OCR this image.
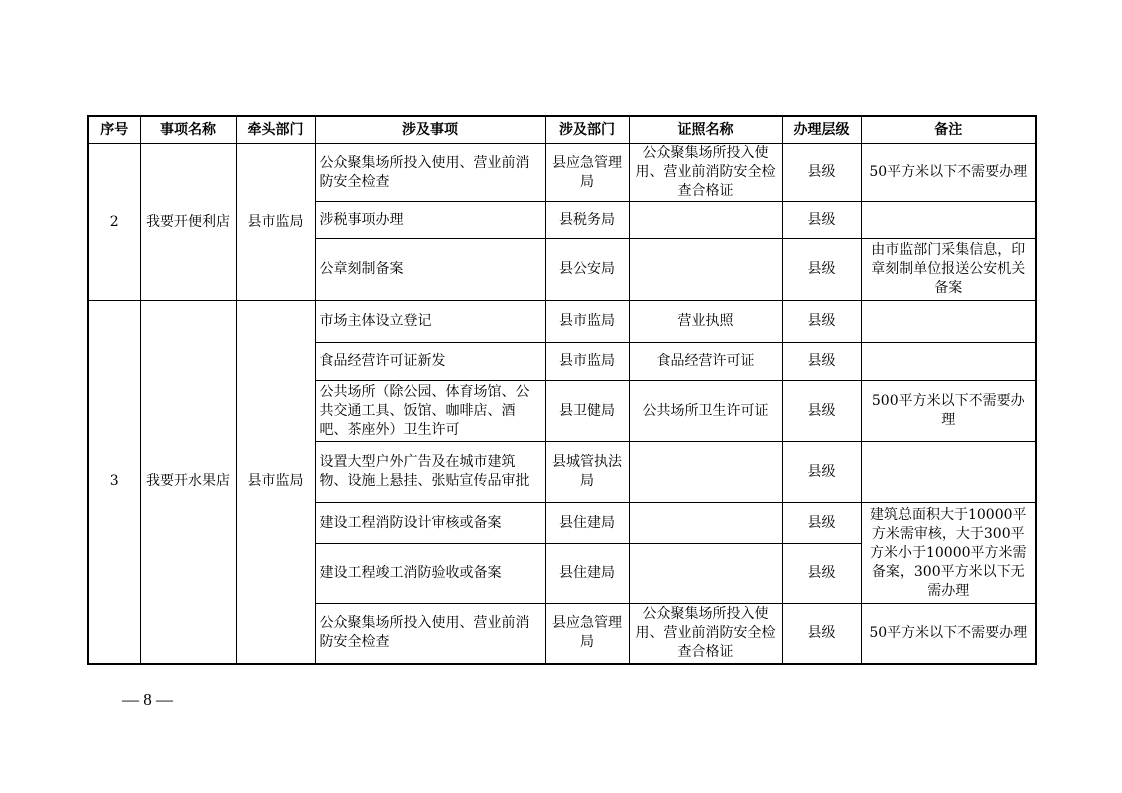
序号	事项名称	牵头部门	涉及事项	涉及部门	证照名称	办理层级	备注
2	我要开便利店	县市监局	公众聚集场所投入使用、营业前消防安全检查	县应急管理局	公众聚集场所投入使用、营业前消防安全检查合格证	县级	50平方米以下不需要办理
			涉税事项办理	县税务局		县级	
			公章刻制备案	县公安局		县级	由市监部门采集信息，印章刻制单位报送公安机关备案
3	我要开水果店	县市监局	市场主体设立登记	县市监局	营业执照	县级	
			食品经营许可证新发	县市监局	食品经营许可证	县级	
			公共场所（除公园、体育场馆、公共交通工具、饭馆、咖啡店、酒吧、茶座外）卫生许可	县卫健局	公共场所卫生许可证	县级	500平方米以下不需要办理
			设置大型户外广告及在城市建筑物、设施上悬挂、张贴宣传品审批	县城管执法局		县级	
			建设工程消防设计审核或备案	县住建局		县级	建筑总面积大于10000平方米需审核，大于300平方米小于10000平方米需备案，300平方米以下无需办理
			建设工程竣工消防验收或备案	县住建局		县级	
			公众聚集场所投入使用、营业前消防安全检查	县应急管理局	公众聚集场所投入使用、营业前消防安全检查合格证	县级	50平方米以下不需要办理
— 8 —
